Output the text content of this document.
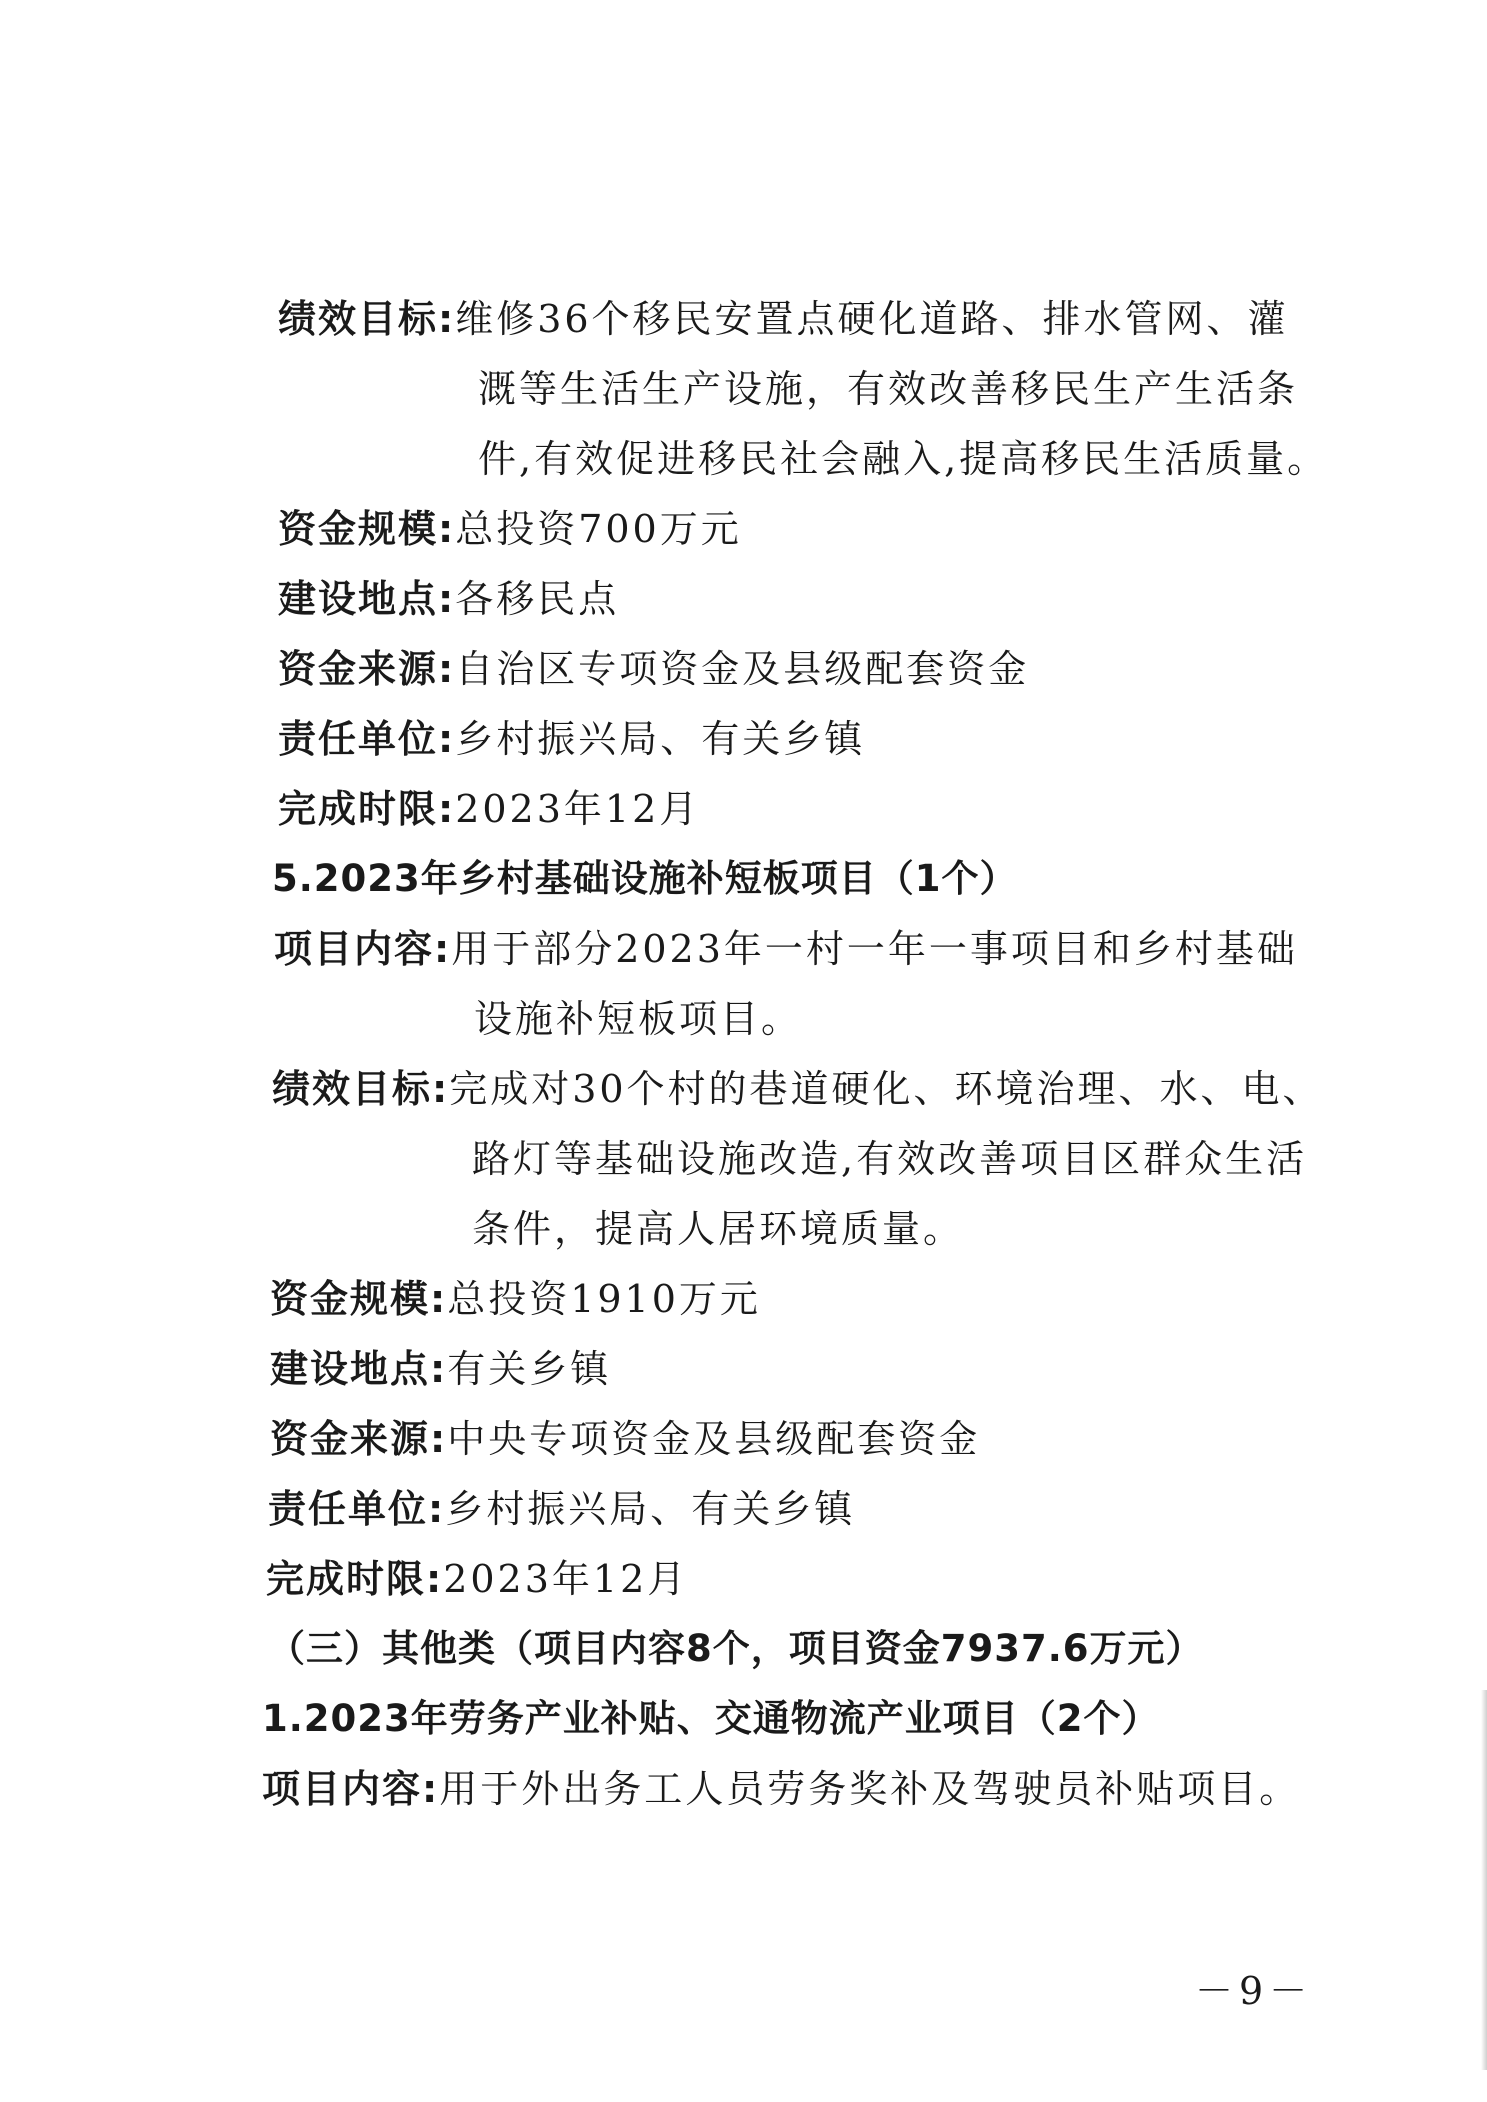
绩效目标:维修36个移民安置点硬化道路、排水管网、灌
溉等生活生产设施，有效改善移民生产生活条
件,有效促进移民社会融入,提高移民生活质量。
资金规模:总投资700万元
建设地点:各移民点
资金来源:自治区专项资金及县级配套资金
责任单位:乡村振兴局、有关乡镇
完成时限:2023年12月
5.2023年乡村基础设施补短板项目（1个）
项目内容:用于部分2023年一村一年一事项目和乡村基础
设施补短板项目。
绩效目标:完成对30个村的巷道硬化、环境治理、水、电、
路灯等基础设施改造,有效改善项目区群众生活
条件，提高人居环境质量。
资金规模:总投资1910万元
建设地点:有关乡镇
资金来源:中央专项资金及县级配套资金
责任单位:乡村振兴局、有关乡镇
完成时限:2023年12月
（三）其他类（项目内容8个，项目资金7937.6万元）
1.2023年劳务产业补贴、交通物流产业项目（2个）
项目内容:用于外出务工人员劳务奖补及驾驶员补贴项目。
－9－
